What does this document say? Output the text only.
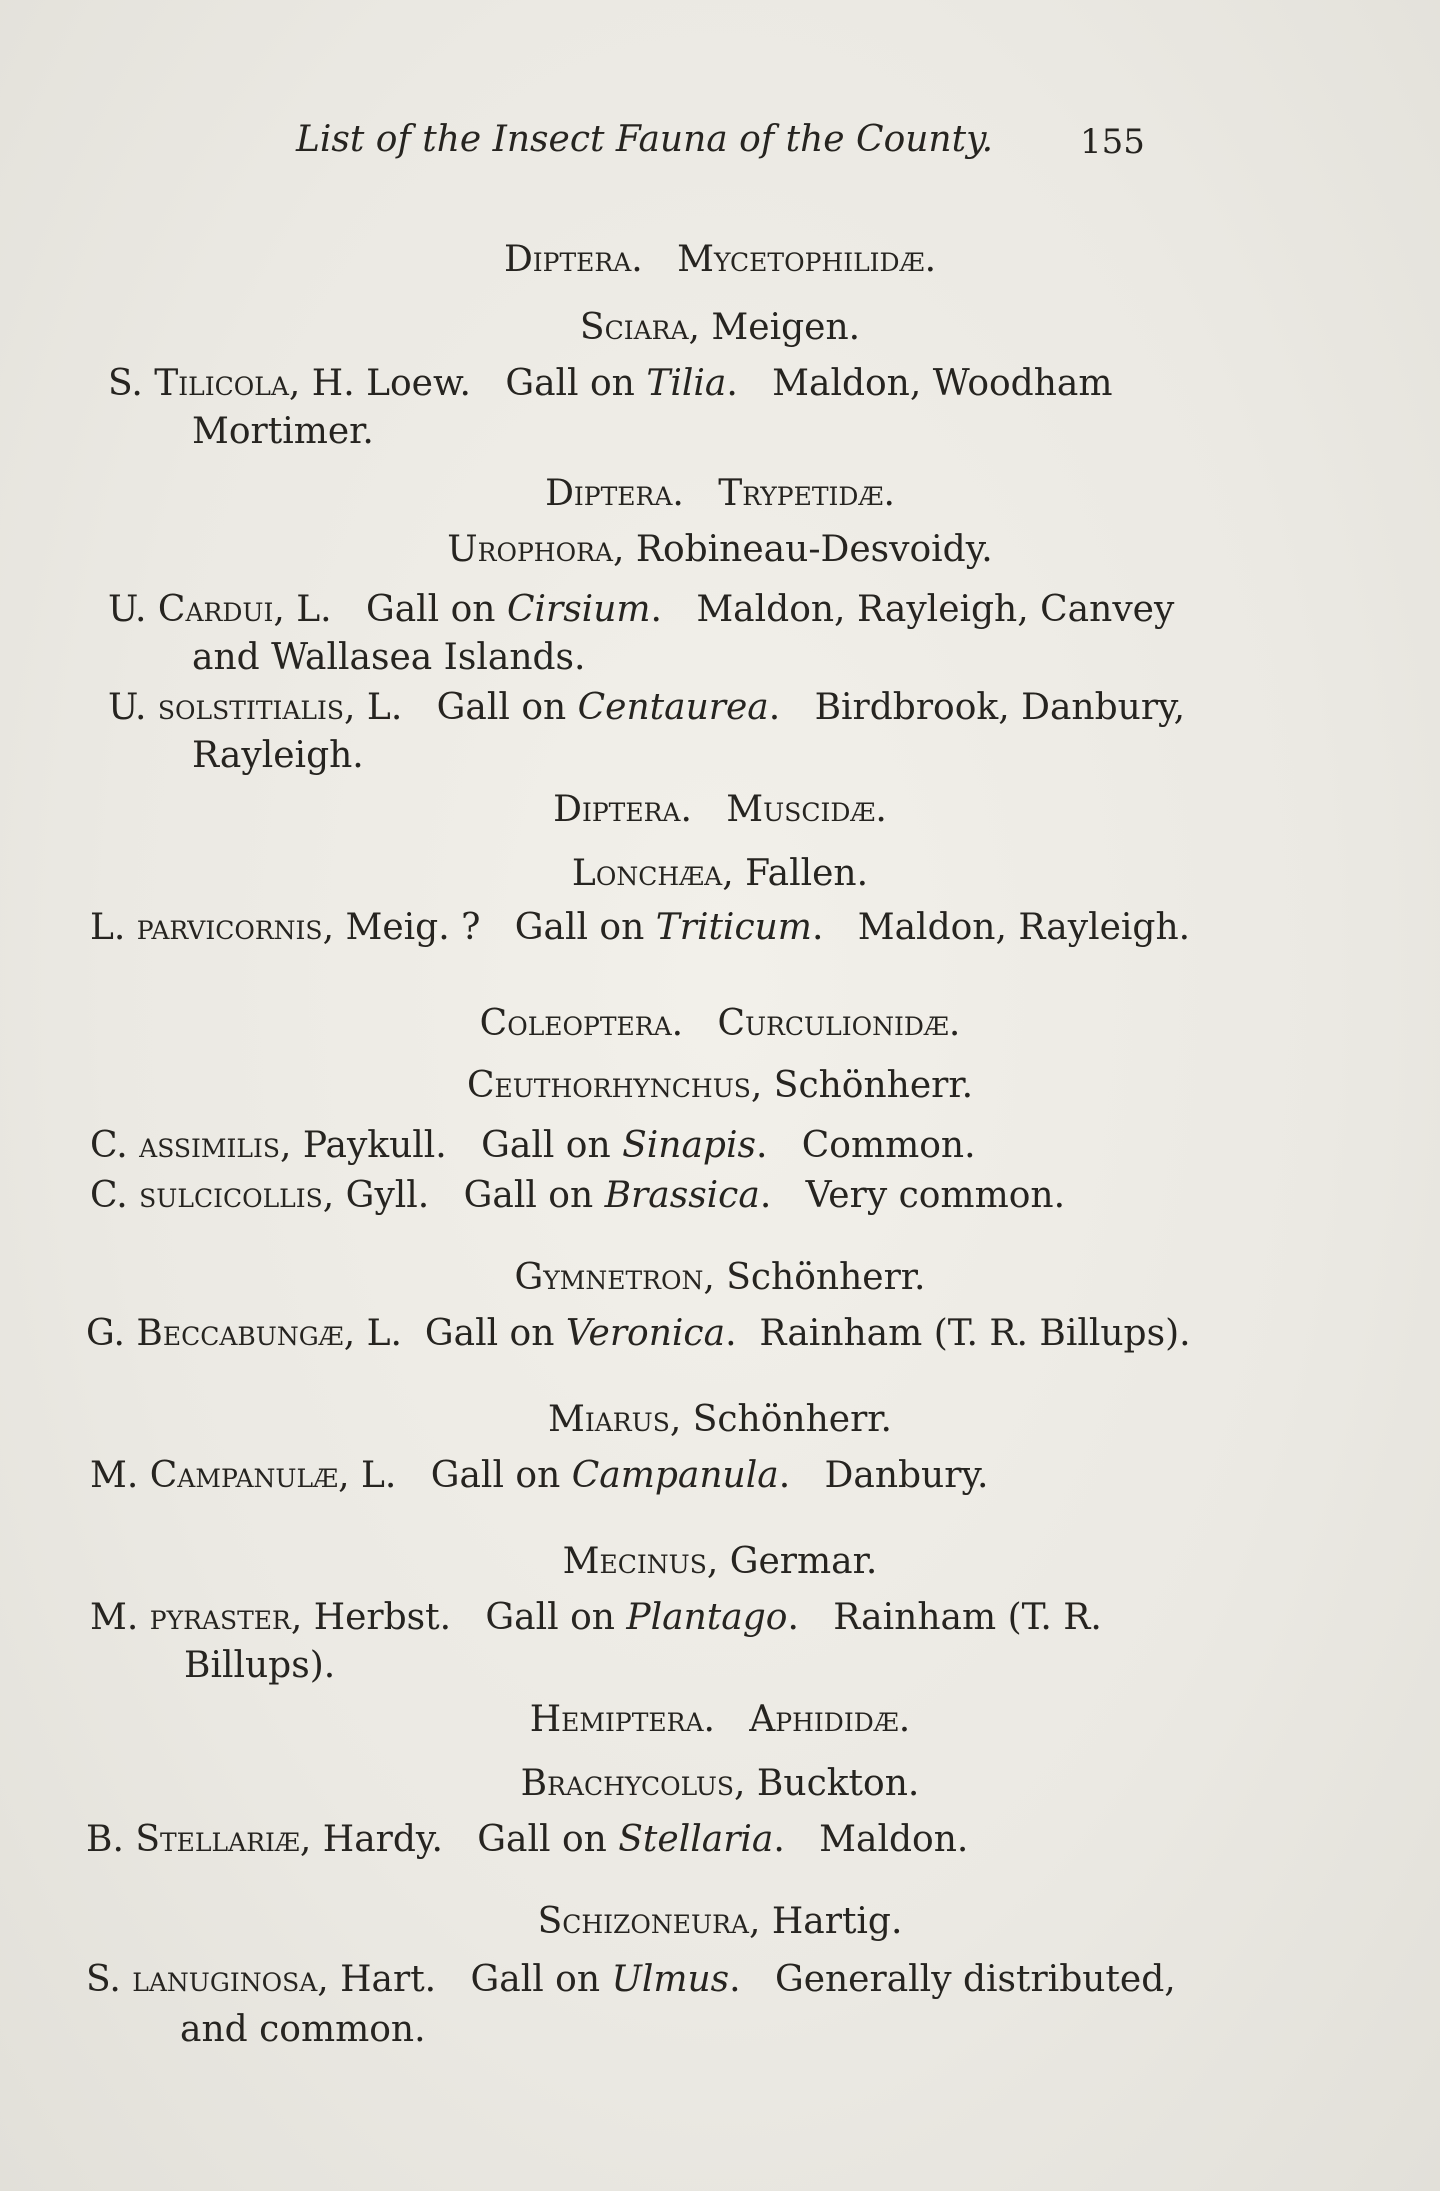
List of the Insect Fauna of the County.	155
Diptera. Mycetophilidæ.
Sciara, Meigen.
S. Tilicola, H. Loew. Gall on Tilia. Maldon, Woodham
Mortimer.
Diptera. Trypetidæ.
Urophora, Robineau-Desvoidy.
U. Cardui, L. Gall on Cirsium. Maldon, Rayleigh, Canvey
and Wallasea Islands.
U. solstitialis, L. Gall on Centaurea. Birdbrook, Danbury,
Rayleigh.
Diptera. Muscidæ.
Lonchæa, Fallen.
L. parvicornis, Meig. ? Gall on Triticum. Maldon, Rayleigh.
Coleoptera. Curculionidæ.
Ceuthorhynchus, Schönherr.
C. assimilis, Paykull. Gall on Sinapis. Common.
C. sulcicollis, Gyll. Gall on Brassica. Very common.
Gymnetron, Schönherr.
G. Beccabungæ, L. Gall on Veronica. Rainham (T. R. Billups).
Miarus, Schönherr.
M. Campanulæ, L. Gall on Campanula. Danbury.
Mecinus, Germar.
M. pyraster, Herbst. Gall on Plantago. Rainham (T. R.
Billups).
Hemiptera. Aphididæ.
Brachycolus, Buckton.
B. Stellariæ, Hardy. Gall on Stellaria. Maldon.
Schizoneura, Hartig.
S. lanuginosa, Hart. Gall on Ulmus. Generally distributed,
and common.
